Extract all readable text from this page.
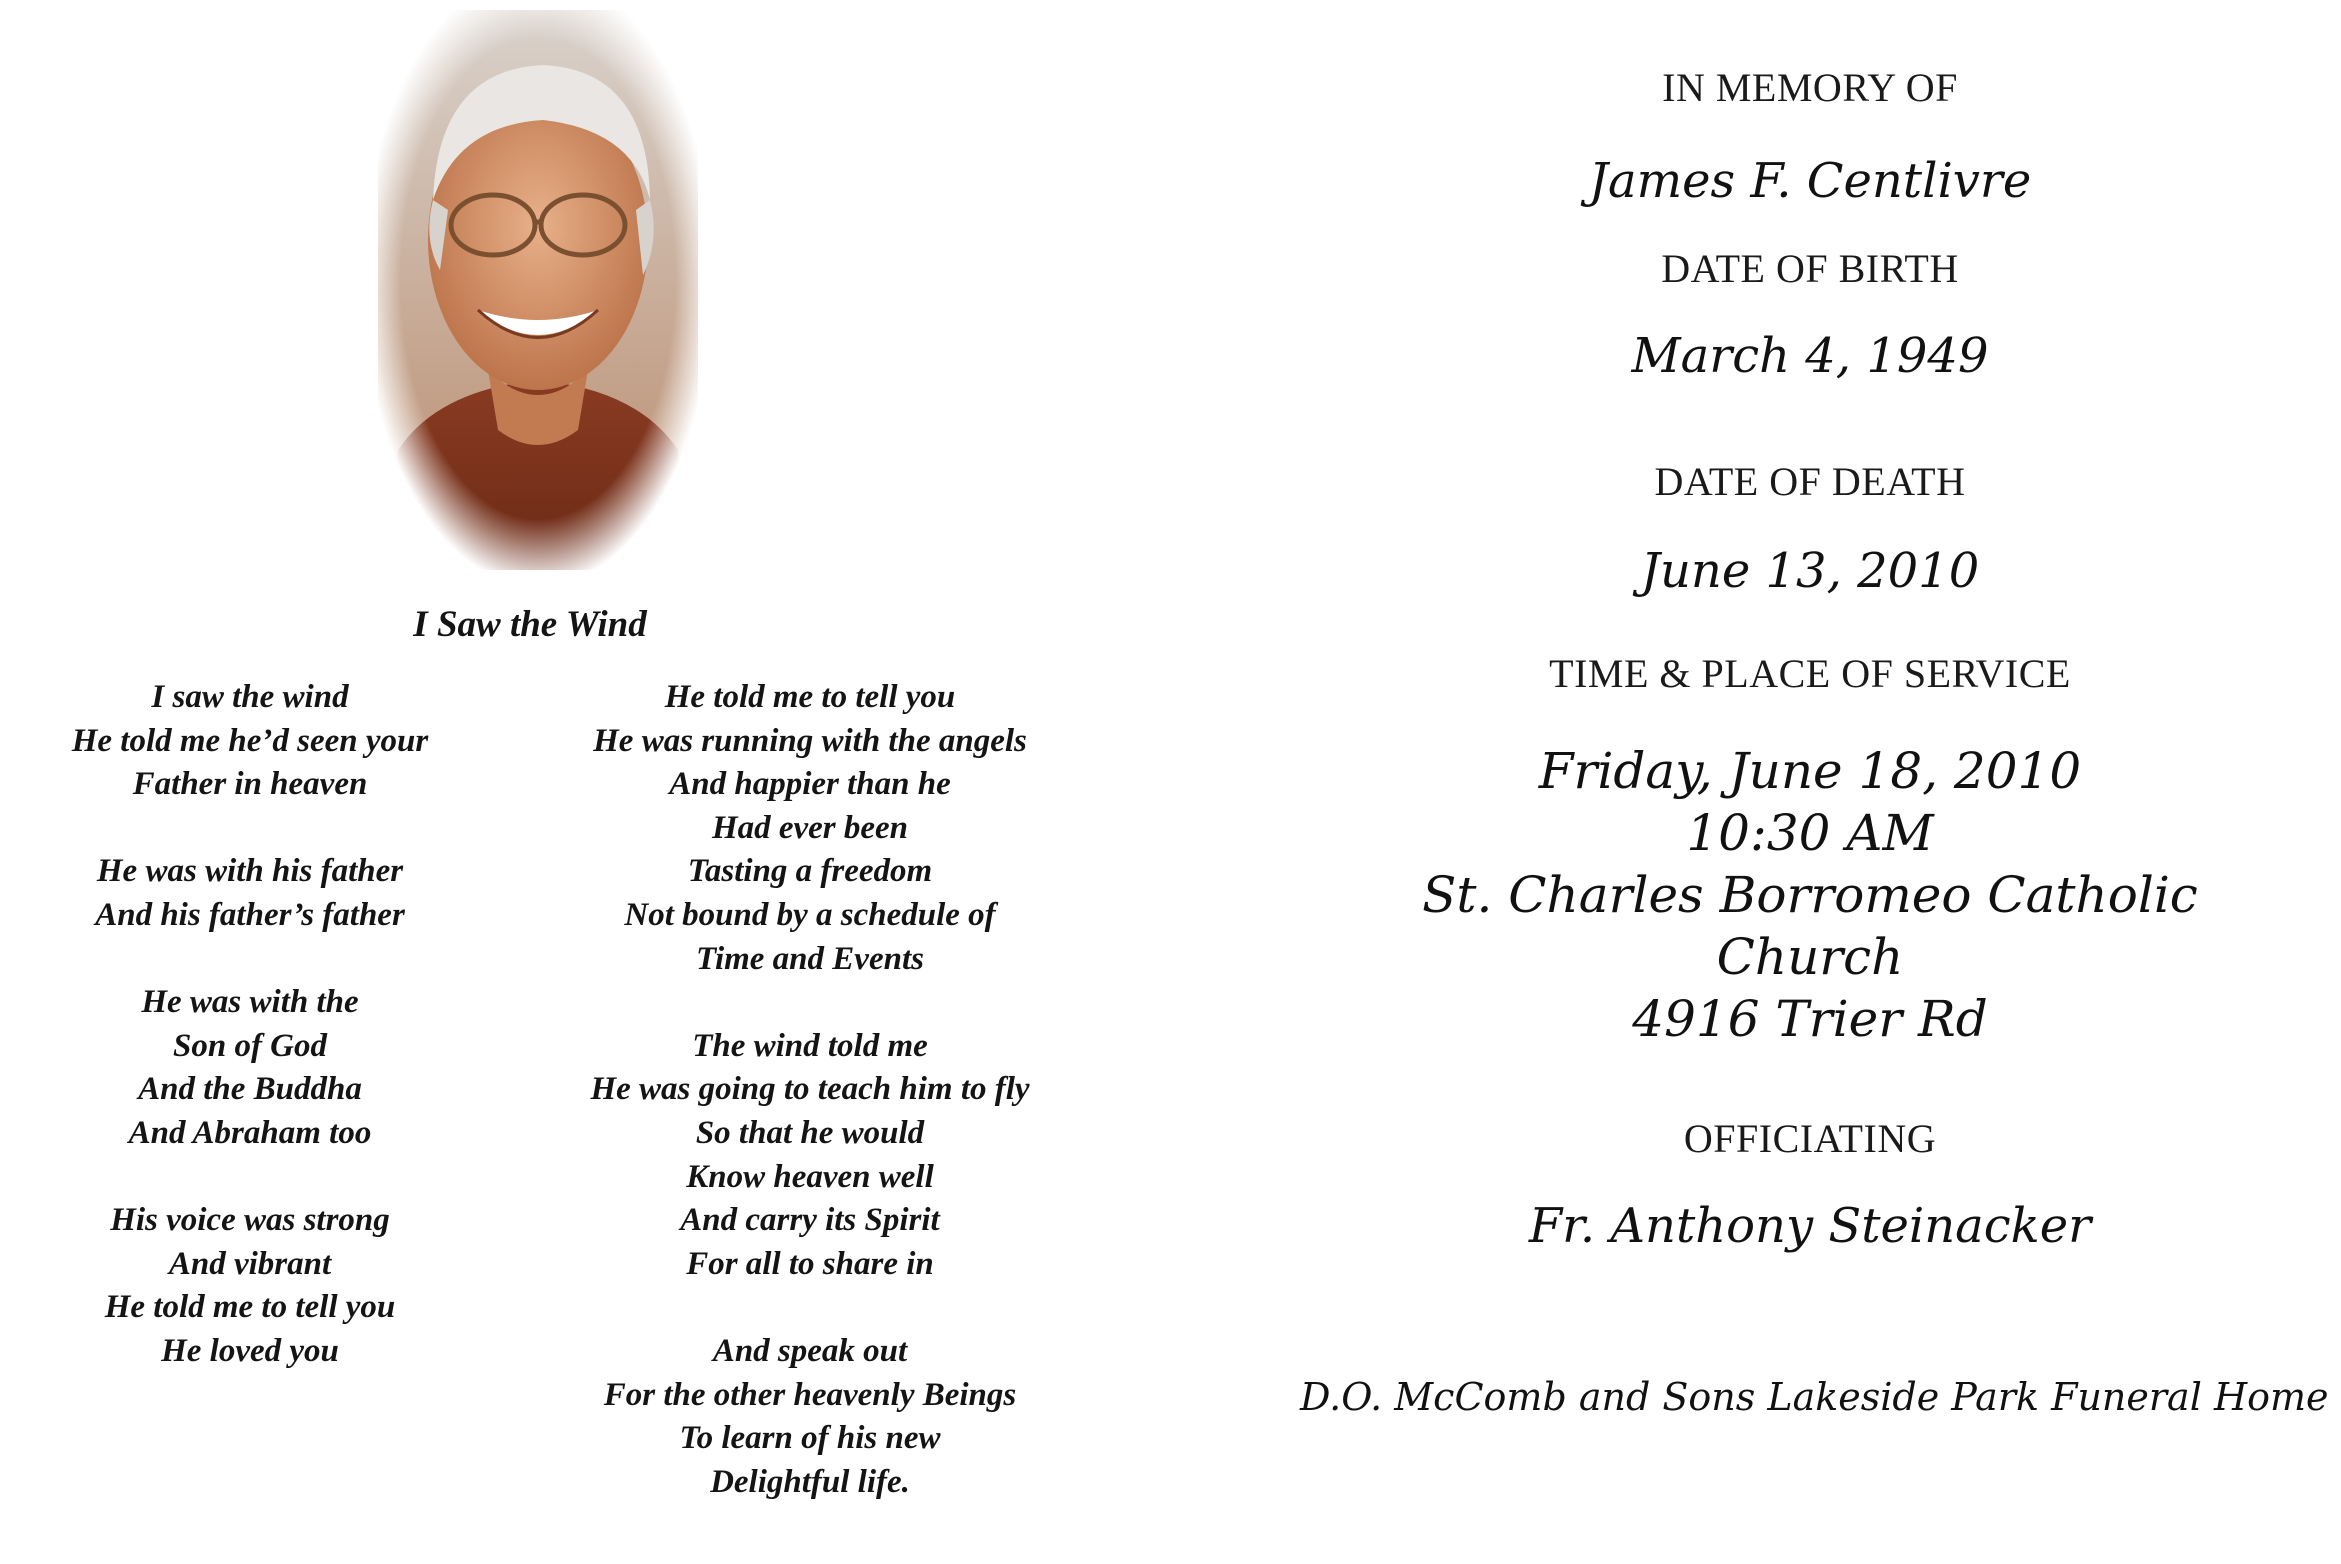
I Saw the Wind
I saw the wind
He told me he’d seen your
Father in heaven
He was with his father
And his father’s father
He was with the
Son of God
And the Buddha
And Abraham too
His voice was strong
And vibrant
He told me to tell you
He loved you
He told me to tell you
He was running with the angels
And happier than he
Had ever been
Tasting a freedom
Not bound by a schedule of
Time and Events
The wind told me
He was going to teach him to fly
So that he would
Know heaven well
And carry its Spirit
For all to share in
And speak out
For the other heavenly Beings
To learn of his new
Delightful life.
IN MEMORY OF
James F. Centlivre
DATE OF BIRTH
March 4, 1949
DATE OF DEATH
June 13, 2010
TIME & PLACE OF SERVICE
Friday, June 18, 2010
10:30 AM
St. Charles Borromeo Catholic
Church
4916 Trier Rd
OFFICIATING
Fr. Anthony Steinacker
D.O. McComb and Sons Lakeside Park Funeral Home
